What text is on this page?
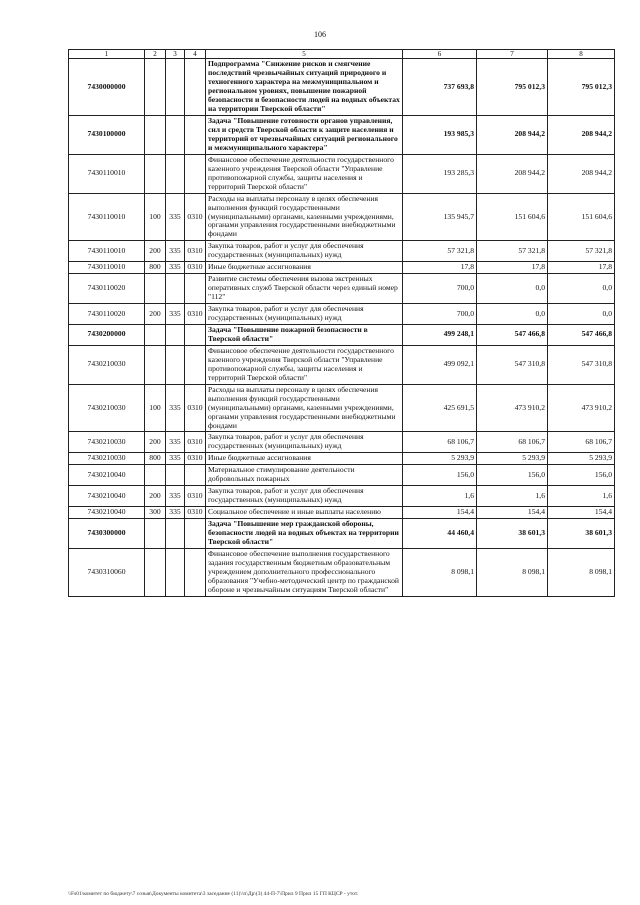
106
1	2	3	4	5	6	7	8
7430000000				Подпрограмма "Снижение рисков и смягчение последствий чрезвычайных ситуаций природного и техногенного характера на межмуниципальном и региональном уровнях, повышение пожарной безопасности и безопасности людей на водных объектах на территории Тверской области"	737 693,8	795 012,3	795 012,3
7430100000				Задача "Повышение готовности органов управления, сил и средств Тверской области к защите населения и территорий от чрезвычайных ситуаций регионального и межмуниципального характера"	193 985,3	208 944,2	208 944,2
7430110010				Финансовое обеспечение деятельности государственного казенного учреждения Тверской области "Управление противопожарной службы, защиты населения и территорий Тверской области"	193 285,3	208 944,2	208 944,2
7430110010	100	335	0310	Расходы на выплаты персоналу в целях обеспечения выполнения функций государственными (муниципальными) органами, казенными учреждениями, органами управления государственными внебюджетными фондами	135 945,7	151 604,6	151 604,6
7430110010	200	335	0310	Закупка товаров, работ и услуг для обеспечения государственных (муниципальных) нужд	57 321,8	57 321,8	57 321,8
7430110010	800	335	0310	Иные бюджетные ассигнования	17,8	17,8	17,8
7430110020				Развитие системы обеспечения вызова экстренных оперативных служб Тверской области через единый номер "112"	700,0	0,0	0,0
7430110020	200	335	0310	Закупка товаров, работ и услуг для обеспечения государственных (муниципальных) нужд	700,0	0,0	0,0
7430200000				Задача "Повышение пожарной безопасности в Тверской области"	499 248,1	547 466,8	547 466,8
7430210030				Финансовое обеспечение деятельности государственного казенного учреждения Тверской области "Управление противопожарной службы, защиты населения и территорий Тверской области"	499 092,1	547 310,8	547 310,8
7430210030	100	335	0310	Расходы на выплаты персоналу в целях обеспечения выполнения функций государственными (муниципальными) органами, казенными учреждениями, органами управления государственными внебюджетными фондами	425 691,5	473 910,2	473 910,2
7430210030	200	335	0310	Закупка товаров, работ и услуг для обеспечения государственных (муниципальных) нужд	68 106,7	68 106,7	68 106,7
7430210030	800	335	0310	Иные бюджетные ассигнования	5 293,9	5 293,9	5 293,9
7430210040				Материальное стимулирование деятельности добровольных пожарных	156,0	156,0	156,0
7430210040	200	335	0310	Закупка товаров, работ и услуг для обеспечения государственных (муниципальных) нужд	1,6	1,6	1,6
7430210040	300	335	0310	Социальное обеспечение и иные выплаты населению	154,4	154,4	154,4
7430300000				Задача "Повышение мер гражданской обороны, безопасности людей на водных объектах на территории Тверской области"	44 460,4	38 601,3	38 601,3
7430310060				Финансовое обеспечение выполнения государственного задания государственным бюджетным образовательным учреждением дополнительного профессионального образования "Учебно-методический центр по гражданской обороне и чрезвычайным ситуациям Тверской области"	8 098,1	8 098,1	8 098,1
\\Fs01\комитет по бюджету\7 созыв\Документы комитета\3 заседание (11)\\п\Др\(3) 44-П-7\Прил 9 Прил 15 ГП КЦСР - утот.
